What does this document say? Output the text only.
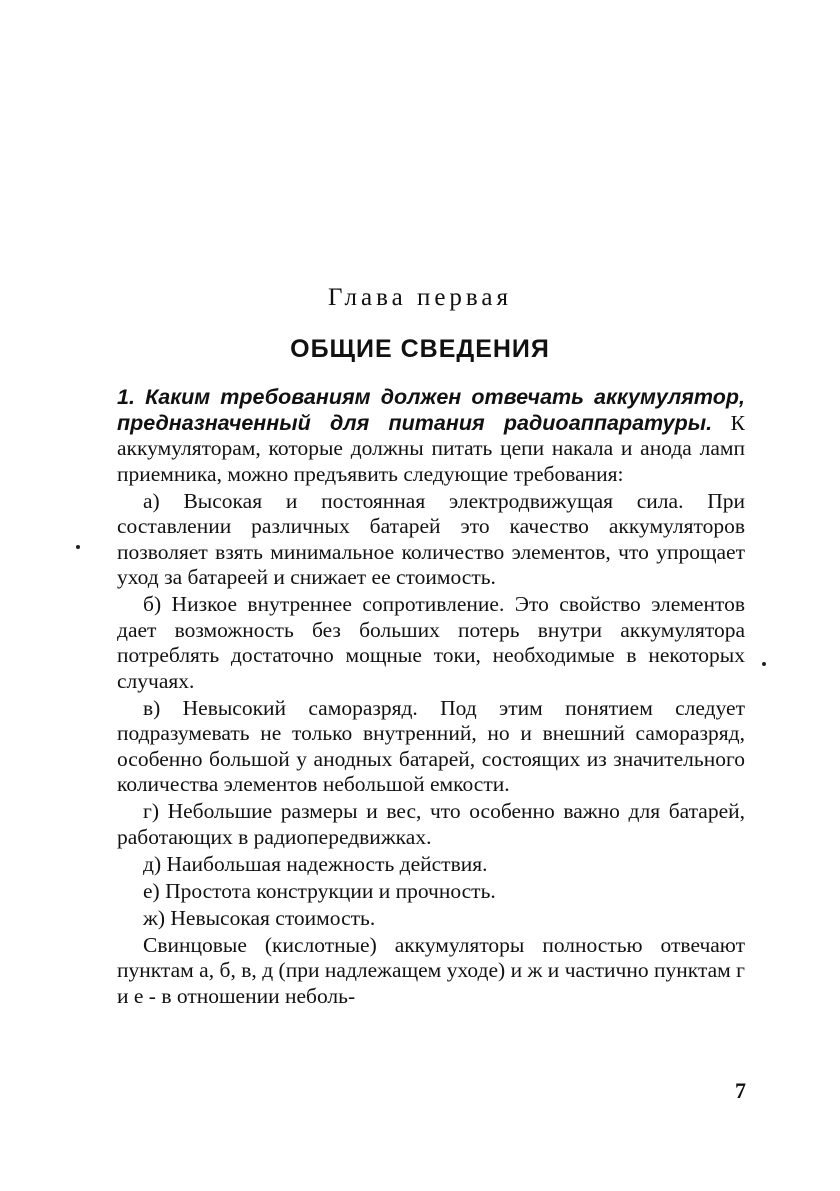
Глава первая
ОБЩИЕ СВЕДЕНИЯ

1. Каким требованиям должен отвечать аккумулятор, предназначенный для питания радиоаппаратуры. К аккумуляторам, которые должны питать цепи накала и анода ламп приемника, можно предъявить следующие требования:

а) Высокая и постоянная электродвижущая сила. При составлении различных батарей это качество аккумуляторов позволяет взять минимальное количество элементов, что упрощает уход за батареей и снижает ее стоимость.

б) Низкое внутреннее сопротивление. Это свойство элементов дает возможность без больших потерь внутри аккумулятора потреблять достаточно мощные токи, необходимые в некоторых случаях.

в) Невысокий саморазряд. Под этим понятием следует подразумевать не только внутренний, но и внешний саморазряд, особенно большой у анодных батарей, состоящих из значительного количества элементов небольшой емкости.

г) Небольшие размеры и вес, что особенно важно для батарей, работающих в радиопередвижках.

д) Наибольшая надежность действия.

е) Простота конструкции и прочность.

ж) Невысокая стоимость.

Свинцовые (кислотные) аккумуляторы полностью отвечают пунктам а, б, в, д (при надлежащем уходе) и ж и частично пунктам г и е - в отношении неболь-

7
